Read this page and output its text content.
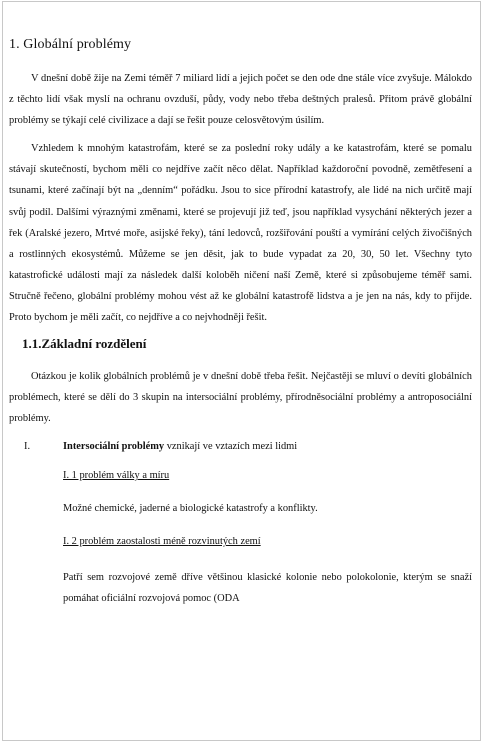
1. Globální problémy

V dnešní době žije na Zemi téměř 7 miliard lidí a jejich počet se den ode dne stále více zvyšuje. Málokdo z těchto lidí však myslí na ochranu ovzduší, půdy, vody nebo třeba deštných pralesů. Přitom právě globální problémy se týkají celé civilizace a dají se řešit pouze celosvětovým úsilím.

Vzhledem k mnohým katastrofám, které se za poslední roky udály a ke katastrofám, které se pomalu stávají skutečností, bychom měli co nejdříve začít něco dělat. Například každoroční povodně, zemětřesení a tsunami, které začínají být na „denním“ pořádku. Jsou to sice přírodní katastrofy, ale lidé na nich určitě mají svůj podíl. Dalšími výraznými změnami, které se projevují již teď, jsou například vysychání některých jezer a řek (Aralské jezero, Mrtvé moře, asijské řeky), tání ledovců, rozšiřování pouští a vymírání celých živočišných a rostlinných ekosystémů. Můžeme se jen děsit, jak to bude vypadat za 20, 30, 50 let. Všechny tyto katastrofické události mají za následek další koloběh ničení naší Země, které si způsobujeme téměř sami. Stručně řečeno, globální problémy mohou vést až ke globální katastrofě lidstva a je jen na nás, kdy to přijde. Proto bychom je měli začít, co nejdříve a co nejvhodněji řešit.

1.1.Základní rozdělení

Otázkou je kolik globálních problémů je v dnešní době třeba řešit. Nejčastěji se mluví o devíti globálních problémech, které se dělí do 3 skupin na intersociální problémy, přírodněsociální problémy a antroposociální problémy.

I.	Intersociální problémy vznikají ve vztazích mezi lidmi
I. 1 problém války a míru
Možné chemické, jaderné a biologické katastrofy a konflikty.
I. 2 problém zaostalosti méně rozvinutých zemí
Patří sem rozvojové země dříve většinou klasické kolonie nebo polokolonie, kterým se snaží pomáhat oficiální rozvojová pomoc (ODA
